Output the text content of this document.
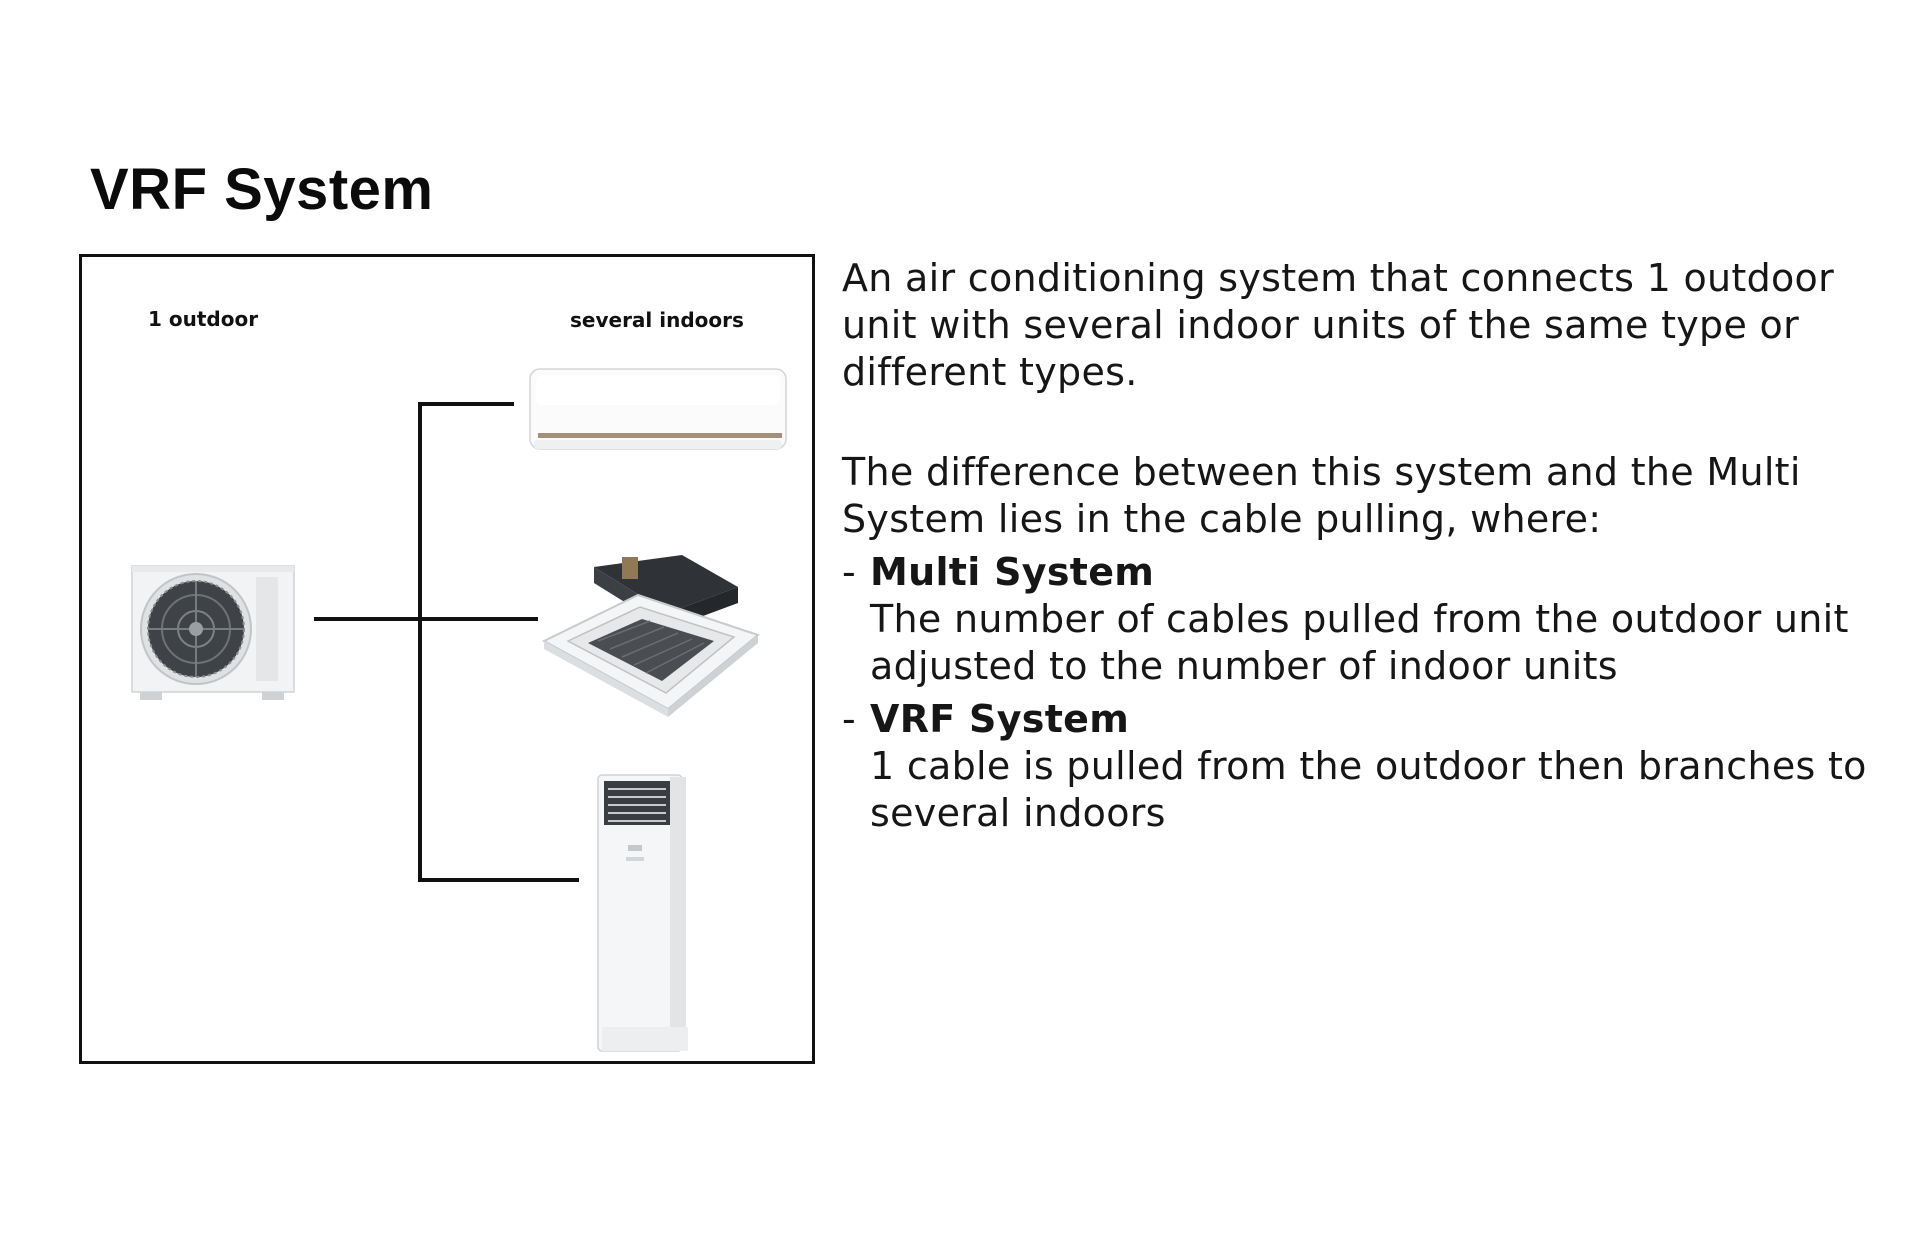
VRF System
1 outdoor	several indoors

An air conditioning system that connects 1 outdoor unit with several indoor units of the same type or different types.

The difference between this system and the Multi System lies in the cable pulling, where:

- Multi System
The number of cables pulled from the outdoor unit adjusted to the number of indoor units
- VRF System
1 cable is pulled from the outdoor then branches to several indoors
